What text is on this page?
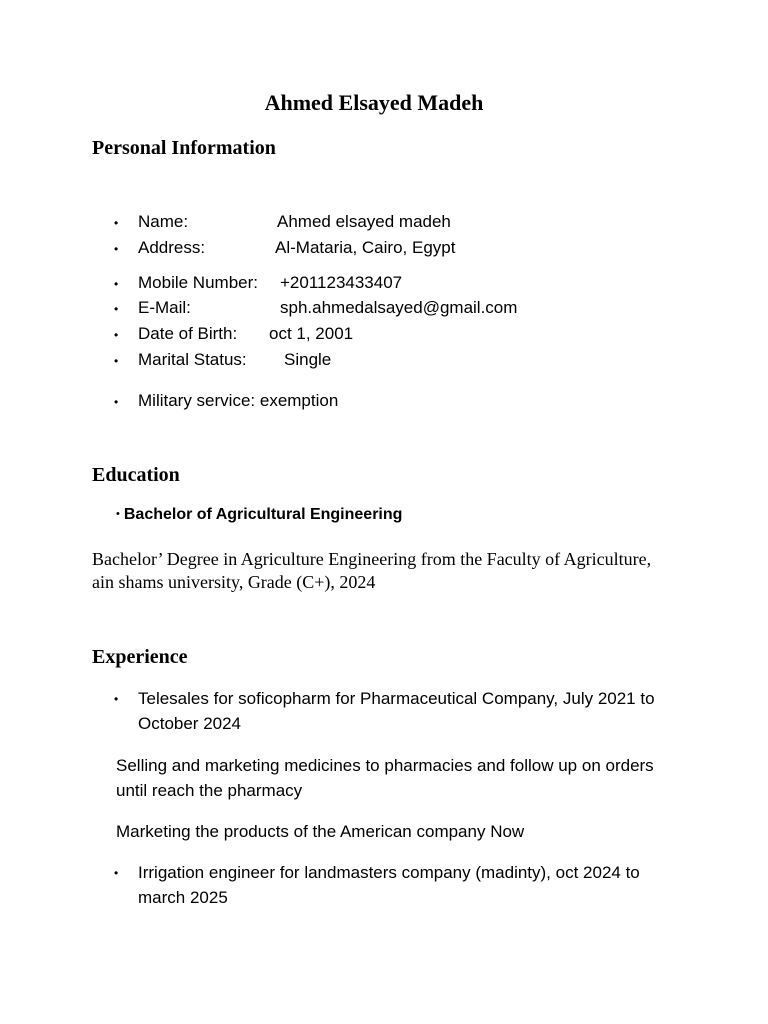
Ahmed Elsayed Madeh
Personal Information
• Name:	Ahmed elsayed madeh
• Address:	Al-Mataria, Cairo, Egypt
• Mobile Number: +201123433407
• E-Mail:	sph.ahmedalsayed@gmail.com
• Date of Birth: oct 1, 2001
• Marital Status: Single
• Military service: exemption
Education
• Bachelor of Agricultural Engineering
Bachelor’ Degree in Agriculture Engineering from the Faculty of Agriculture, ain shams university, Grade (C+), 2024
Experience
• Telesales for soficopharm for Pharmaceutical Company, July 2021 to October 2024
Selling and marketing medicines to pharmacies and follow up on orders until reach the pharmacy
Marketing the products of the American company Now
• Irrigation engineer for landmasters company (madinty), oct 2024 to march 2025
